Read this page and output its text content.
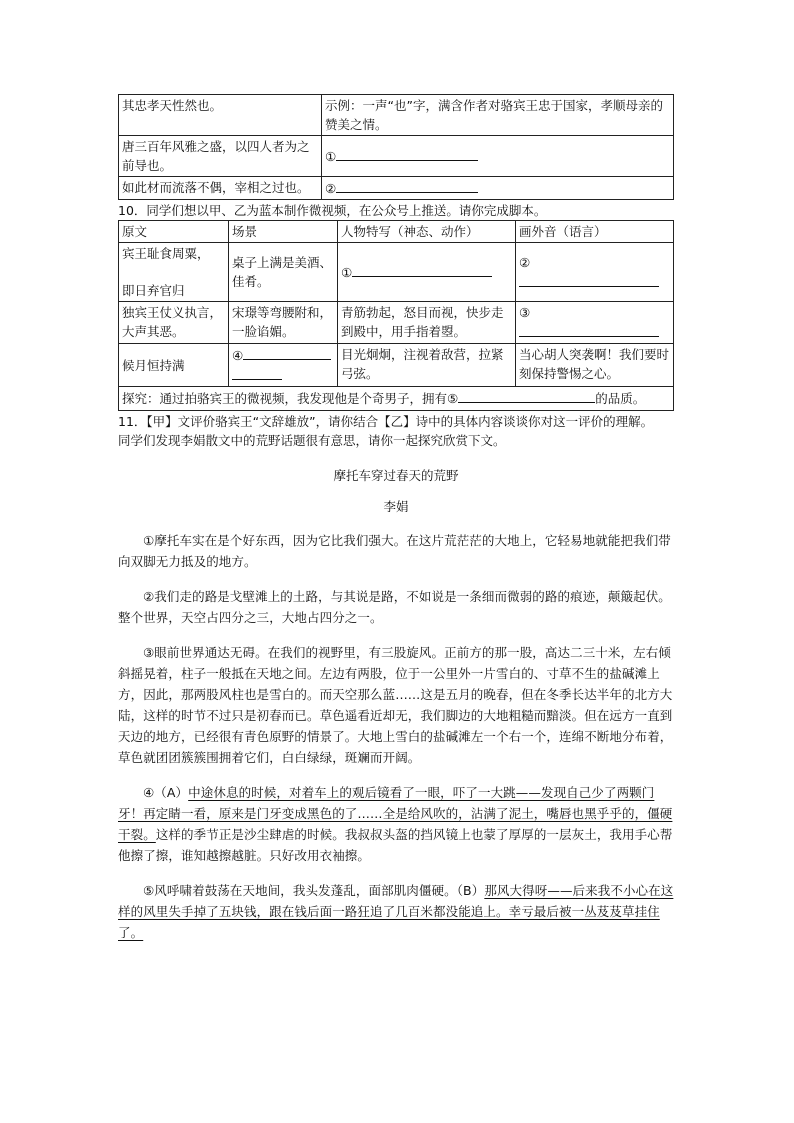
其忠孝天性然也。	示例：一声“也”字，满含作者对骆宾王忠于国家，孝顺母亲的赞美之情。
唐三百年风雅之盛，以四人者为之前导也。	①
如此材而流落不偶，宰相之过也。	②

10．同学们想以甲、乙为蓝本制作微视频，在公众号上推送。请你完成脚本。

原文	场景	人物特写（神态、动作）	画外音（语言）

宾王耻食周粟，
即日弃官归	桌子上满是美酒、佳肴。	①	②
独宾王仗义执言，大声其恶。	宋璟等弯腰附和，一脸谄媚。	青筋勃起，怒目而视，快步走到殿中，用手指着曌。	③
候月恒持满	④	目光炯炯，注视着敌营，拉紧弓弦。	当心胡人突袭啊！我们要时刻保持警惕之心。
探究：通过拍骆宾王的微视频，我发现他是个奇男子，拥有⑤ 的品质。			

11．【甲】文评价骆宾王“文辞雄放”，请你结合【乙】诗中的具体内容谈谈你对这一评价的理解。

同学们发现李娟散文中的荒野话题很有意思，请你一起探究欣赏下文。

摩托车穿过春天的荒野
李娟

①摩托车实在是个好东西，因为它比我们强大。在这片荒茫茫的大地上，它轻易地就能把我们带向双脚无力抵及的地方。

②我们走的路是戈壁滩上的土路，与其说是路，不如说是一条细而微弱的路的痕迹，颠簸起伏。整个世界，天空占四分之三，大地占四分之一。

③眼前世界通达无碍。在我们的视野里，有三股旋风。正前方的那一股，高达二三十米，左右倾斜摇晃着，柱子一般抵在天地之间。左边有两股，位于一公里外一片雪白的、寸草不生的盐碱滩上方，因此，那两股风柱也是雪白的。而天空那么蓝……这是五月的晚春，但在冬季长达半年的北方大陆，这样的时节不过只是初春而已。草色遥看近却无，我们脚边的大地粗糙而黯淡。但在远方一直到天边的地方，已经很有青色原野的情景了。大地上雪白的盐碱滩左一个右一个，连绵不断地分布着，草色就团团簇簇围拥着它们，白白绿绿，斑斓而开阔。

④（A）中途休息的时候，对着车上的观后镜看了一眼，吓了一大跳——发现自己少了两颗门牙！再定睛一看，原来是门牙变成黑色的了……全是给风吹的，沾满了泥土，嘴唇也黑乎乎的，僵硬干裂。这样的季节正是沙尘肆虐的时候。我叔叔头盔的挡风镜上也蒙了厚厚的一层灰土，我用手心帮他擦了擦，谁知越擦越脏。只好改用衣袖擦。

⑤风呼啸着鼓荡在天地间，我头发蓬乱，面部肌肉僵硬。（B）那风大得呀——后来我不小心在这样的风里失手掉了五块钱，跟在钱后面一路狂追了几百米都没能追上。幸亏最后被一丛芨芨草挂住了。
